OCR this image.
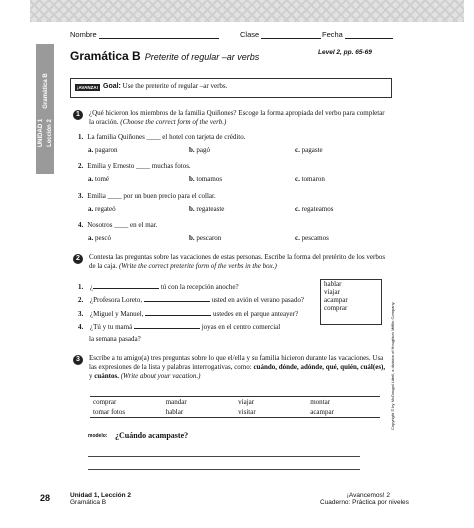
Nombre	Clase	Fecha
Gramática B
UNIDAD 1 Lección 2
Gramática B Preterite of regular –ar verbs	Level 2, pp. 65-69
¡AVANZA! Goal: Use the preterite of regular –ar verbs.
1	¿Qué hicieron los miembros de la familia Quiñones? Escoge la forma apropiada del verbo para completar la oración. (Choose the correct form of the verb.)
1. La familia Quiñones ____ el hotel con tarjeta de crédito.
a. pagaron	b. pagó	c. pagaste
2. Emilia y Ernesto ____ muchas fotos.
a. tomé	b. tomamos	c. tomaron
3. Emilia ____ por un buen precio para el collar.
a. regateó	b. regateaste	c. regateamos
4. Nosotros ____ en el mar.
a. pescó	b. pescaron	c. pescamos
2	Contesta las preguntas sobre las vacaciones de estas personas. Escribe la forma del pretérito de los verbos de la caja. (Write the correct preterite form of the verbs in the box.)
1. ¿	tú con la recepción anoche?
2. ¿Profesora Loreto,	usted en avión el verano pasado?
3. ¿Miguel y Manuel,	ustedes en el parque anteayer?
4. ¿Tú y tu mamá	joyas en el centro comercial
la semana pasada?
hablar
viajar
acampar
comprar
3	Escribe a tu amigo(a) tres preguntas sobre lo que el/ella y su familia hicieron durante las vacaciones. Usa las expresiones de la lista y palabras interrogativas, como: cuándo, dónde, adónde, qué, quién, cuál(es), y cuántos. (Write about your vacation.)
comprar	mandar	viajar	montar
tomar fotos	hablar	visitar	acampar
modelo: ¿Cuándo acampaste?
Copyright © by McDougal Littell, a division of Houghton Mifflin Company.
28	Unidad 1, Lección 2
Gramática B
¡Avancemos! 2
Cuaderno: Práctica por niveles
